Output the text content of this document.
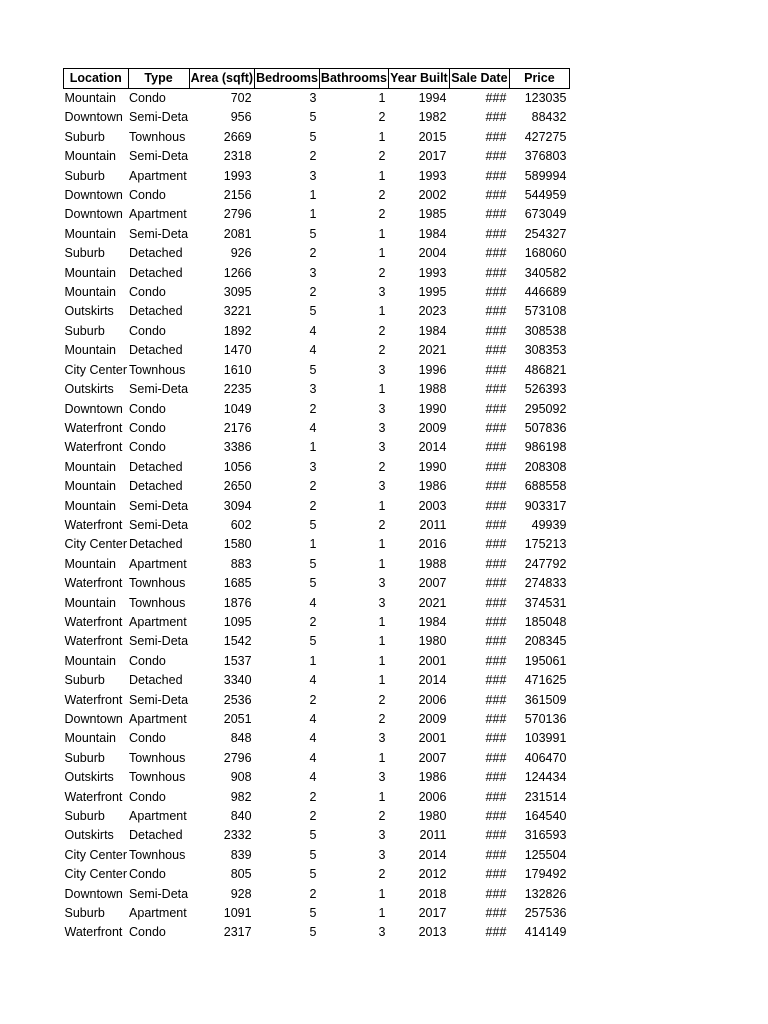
Location	Type	Area (sqft)	Bedrooms	Bathrooms	Year Built	Sale Date	Price
Mountain	Condo	702	3	1	1994	###	123035
Downtown	Semi-Deta	956	5	2	1982	###	88432
Suburb	Townhous	2669	5	1	2015	###	427275
Mountain	Semi-Deta	2318	2	2	2017	###	376803
Suburb	Apartment	1993	3	1	1993	###	589994
Downtown	Condo	2156	1	2	2002	###	544959
Downtown	Apartment	2796	1	2	1985	###	673049
Mountain	Semi-Deta	2081	5	1	1984	###	254327
Suburb	Detached	926	2	1	2004	###	168060
Mountain	Detached	1266	3	2	1993	###	340582
Mountain	Condo	3095	2	3	1995	###	446689
Outskirts	Detached	3221	5	1	2023	###	573108
Suburb	Condo	1892	4	2	1984	###	308538
Mountain	Detached	1470	4	2	2021	###	308353
City Center	Townhous	1610	5	3	1996	###	486821
Outskirts	Semi-Deta	2235	3	1	1988	###	526393
Downtown	Condo	1049	2	3	1990	###	295092
Waterfront	Condo	2176	4	3	2009	###	507836
Waterfront	Condo	3386	1	3	2014	###	986198
Mountain	Detached	1056	3	2	1990	###	208308
Mountain	Detached	2650	2	3	1986	###	688558
Mountain	Semi-Deta	3094	2	1	2003	###	903317
Waterfront	Semi-Deta	602	5	2	2011	###	49939
City Center	Detached	1580	1	1	2016	###	175213
Mountain	Apartment	883	5	1	1988	###	247792
Waterfront	Townhous	1685	5	3	2007	###	274833
Mountain	Townhous	1876	4	3	2021	###	374531
Waterfront	Apartment	1095	2	1	1984	###	185048
Waterfront	Semi-Deta	1542	5	1	1980	###	208345
Mountain	Condo	1537	1	1	2001	###	195061
Suburb	Detached	3340	4	1	2014	###	471625
Waterfront	Semi-Deta	2536	2	2	2006	###	361509
Downtown	Apartment	2051	4	2	2009	###	570136
Mountain	Condo	848	4	3	2001	###	103991
Suburb	Townhous	2796	4	1	2007	###	406470
Outskirts	Townhous	908	4	3	1986	###	124434
Waterfront	Condo	982	2	1	2006	###	231514
Suburb	Apartment	840	2	2	1980	###	164540
Outskirts	Detached	2332	5	3	2011	###	316593
City Center	Townhous	839	5	3	2014	###	125504
City Center	Condo	805	5	2	2012	###	179492
Downtown	Semi-Deta	928	2	1	2018	###	132826
Suburb	Apartment	1091	5	1	2017	###	257536
Waterfront	Condo	2317	5	3	2013	###	414149
